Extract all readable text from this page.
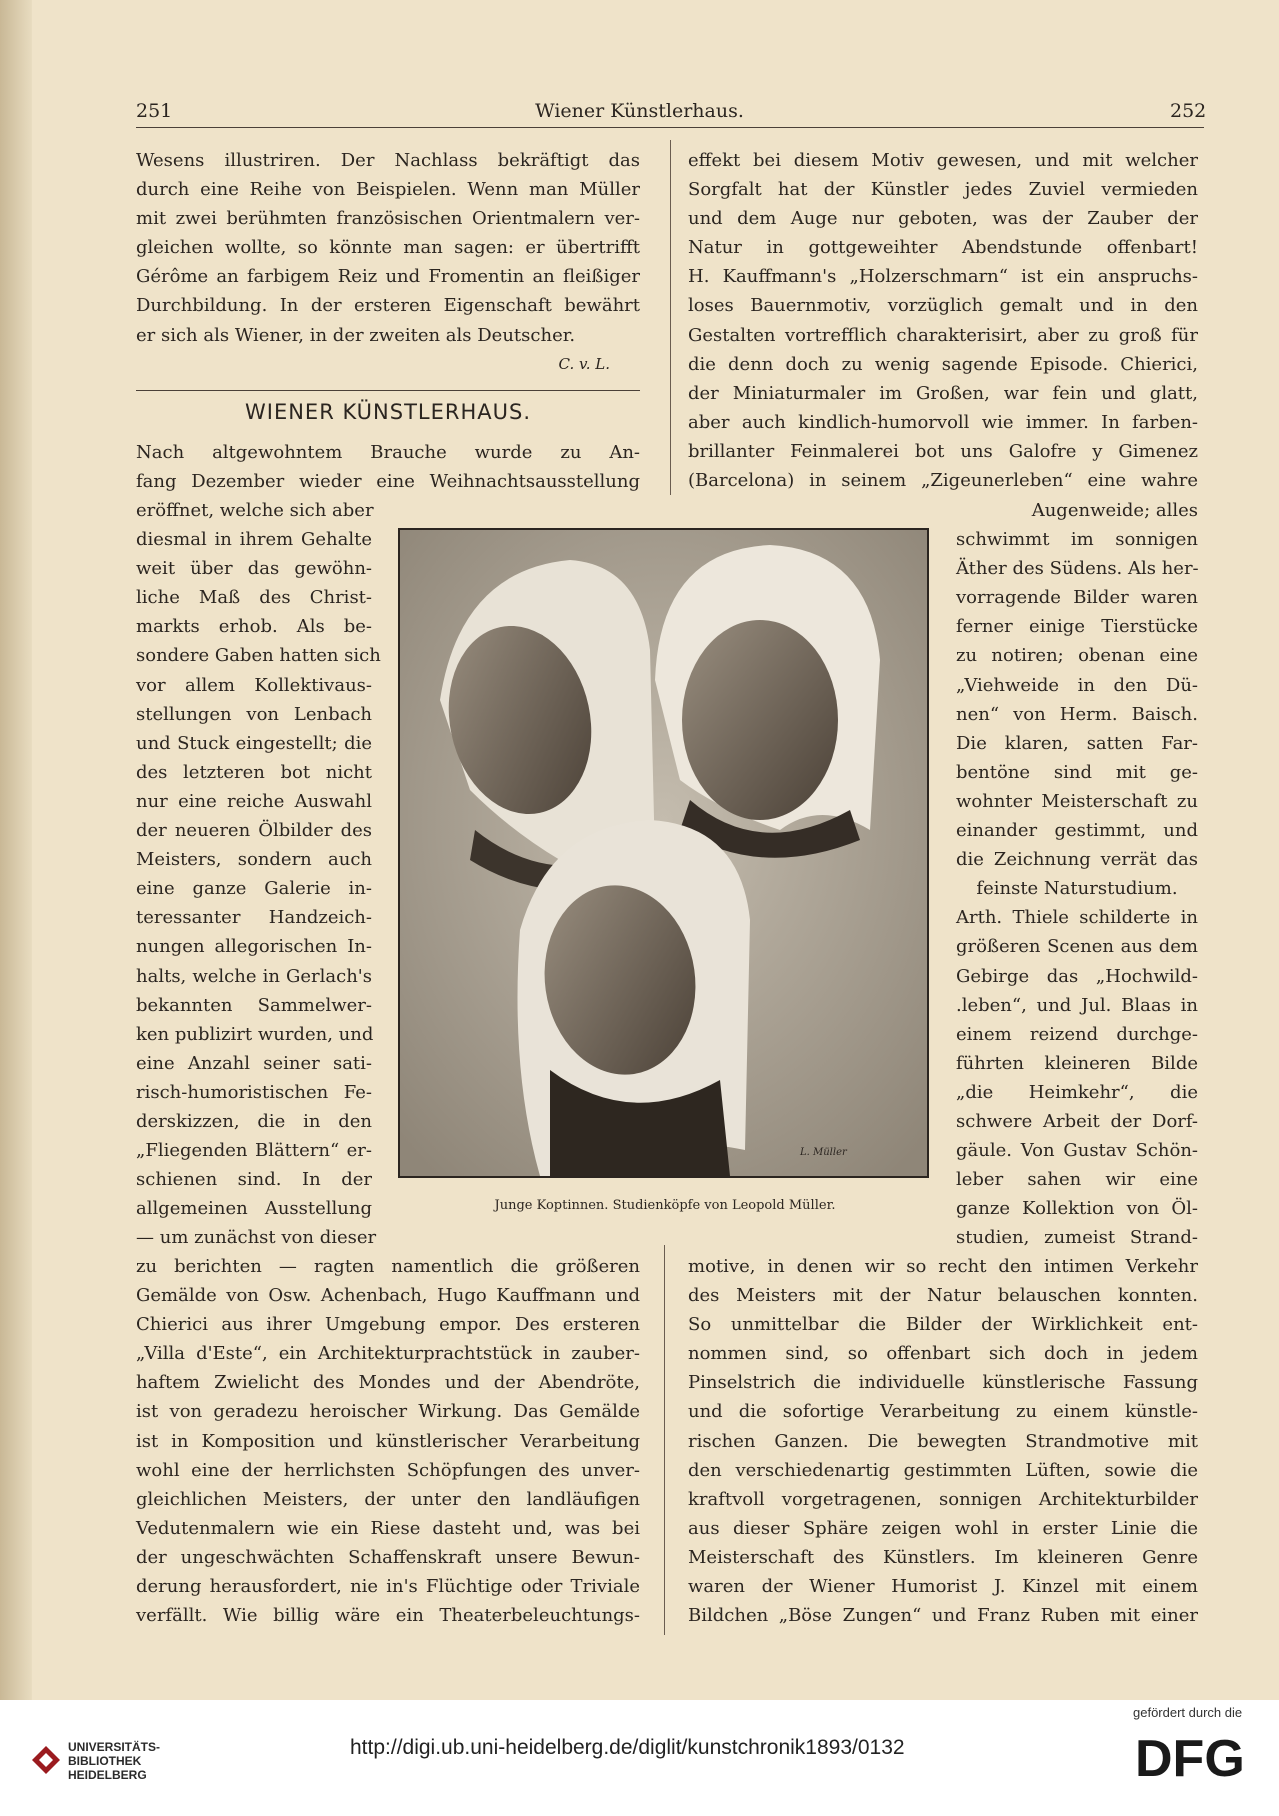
251	Wiener Künstlerhaus.	252

Wesens illustriren. Der Nachlass bekräftigt das

durch eine Reihe von Beispielen. Wenn man Müller

mit zwei berühmten französischen Orientmalern ver-

gleichen wollte, so könnte man sagen: er übertrifft

Gérôme an farbigem Reiz und Fromentin an fleißiger

Durchbildung. In der ersteren Eigenschaft bewährt

er sich als Wiener, in der zweiten als Deutscher.

C. v. L.

WIENER KÜNSTLERHAUS.

Nach altgewohntem Brauche wurde zu An-

fang Dezember wieder eine Weihnachtsausstellung

effekt bei diesem Motiv gewesen, und mit welcher

Sorgfalt hat der Künstler jedes Zuviel vermieden

und dem Auge nur geboten, was der Zauber der

Natur in gottgeweihter Abendstunde offenbart!

H. Kauffmann's „Holzerschmarn“ ist ein anspruchs-

loses Bauernmotiv, vorzüglich gemalt und in den

Gestalten vortrefflich charakterisirt, aber zu groß für

die denn doch zu wenig sagende Episode. Chierici,

der Miniaturmaler im Großen, war fein und glatt,

aber auch kindlich-humorvoll wie immer. In farben-

brillanter Feinmalerei bot uns Galofre y Gimenez

(Barcelona) in seinem „Zigeunerleben“ eine wahre

eröffnet, welche sich aber

diesmal in ihrem Gehalte

weit über das gewöhn-

liche Maß des Christ-

markts erhob. Als be-

sondere Gaben hatten sich

vor allem Kollektivaus-

stellungen von Lenbach

und Stuck eingestellt; die

des letzteren bot nicht

nur eine reiche Auswahl

der neueren Ölbilder des

Meisters, sondern auch

eine ganze Galerie in-

teressanter Handzeich-

nungen allegorischen In-

halts, welche in Gerlach's

bekannten Sammelwer-

ken publizirt wurden, und

eine Anzahl seiner sati-

risch-humoristischen Fe-

derskizzen, die in den

„Fliegenden Blättern“ er-

schienen sind. In der

allgemeinen Ausstellung

— um zunächst von dieser

Augenweide; alles

schwimmt im sonnigen

Äther des Südens. Als her-

vorragende Bilder waren

ferner einige Tierstücke

zu notiren; obenan eine

„Viehweide in den Dü-

nen“ von Herm. Baisch.

Die klaren, satten Far-

bentöne sind mit ge-

wohnter Meisterschaft zu

einander gestimmt, und

die Zeichnung verrät das

feinste Naturstudium.

Arth. Thiele schilderte in

größeren Scenen aus dem

Gebirge das „Hochwild-

.leben“, und Jul. Blaas in

einem reizend durchge-

führten kleineren Bilde

„die Heimkehr“, die

schwere Arbeit der Dorf-

gäule. Von Gustav Schön-

leber sahen wir eine

ganze Kollektion von Öl-

studien, zumeist Strand-

L. Müller
Junge Koptinnen. Studienköpfe von Leopold Müller.

zu berichten — ragten namentlich die größeren

Gemälde von Osw. Achenbach, Hugo Kauffmann und

Chierici aus ihrer Umgebung empor. Des ersteren

„Villa d'Este“, ein Architekturprachtstück in zauber-

haftem Zwielicht des Mondes und der Abendröte,

ist von geradezu heroischer Wirkung. Das Gemälde

ist in Komposition und künstlerischer Verarbeitung

wohl eine der herrlichsten Schöpfungen des unver-

gleichlichen Meisters, der unter den landläufigen

Vedutenmalern wie ein Riese dasteht und, was bei

der ungeschwächten Schaffenskraft unsere Bewun-

derung herausfordert, nie in's Flüchtige oder Triviale

verfällt. Wie billig wäre ein Theaterbeleuchtungs-

motive, in denen wir so recht den intimen Verkehr

des Meisters mit der Natur belauschen konnten.

So unmittelbar die Bilder der Wirklichkeit ent-

nommen sind, so offenbart sich doch in jedem

Pinselstrich die individuelle künstlerische Fassung

und die sofortige Verarbeitung zu einem künstle-

rischen Ganzen. Die bewegten Strandmotive mit

den verschiedenartig gestimmten Lüften, sowie die

kraftvoll vorgetragenen, sonnigen Architekturbilder

aus dieser Sphäre zeigen wohl in erster Linie die

Meisterschaft des Künstlers. Im kleineren Genre

waren der Wiener Humorist J. Kinzel mit einem

Bildchen „Böse Zungen“ und Franz Ruben mit einer

UNIVERSITÄTS-
BIBLIOTHEK
HEIDELBERG
http://digi.ub.uni-heidelberg.de/diglit/kunstchronik1893/0132
gefördert durch die
DFG
